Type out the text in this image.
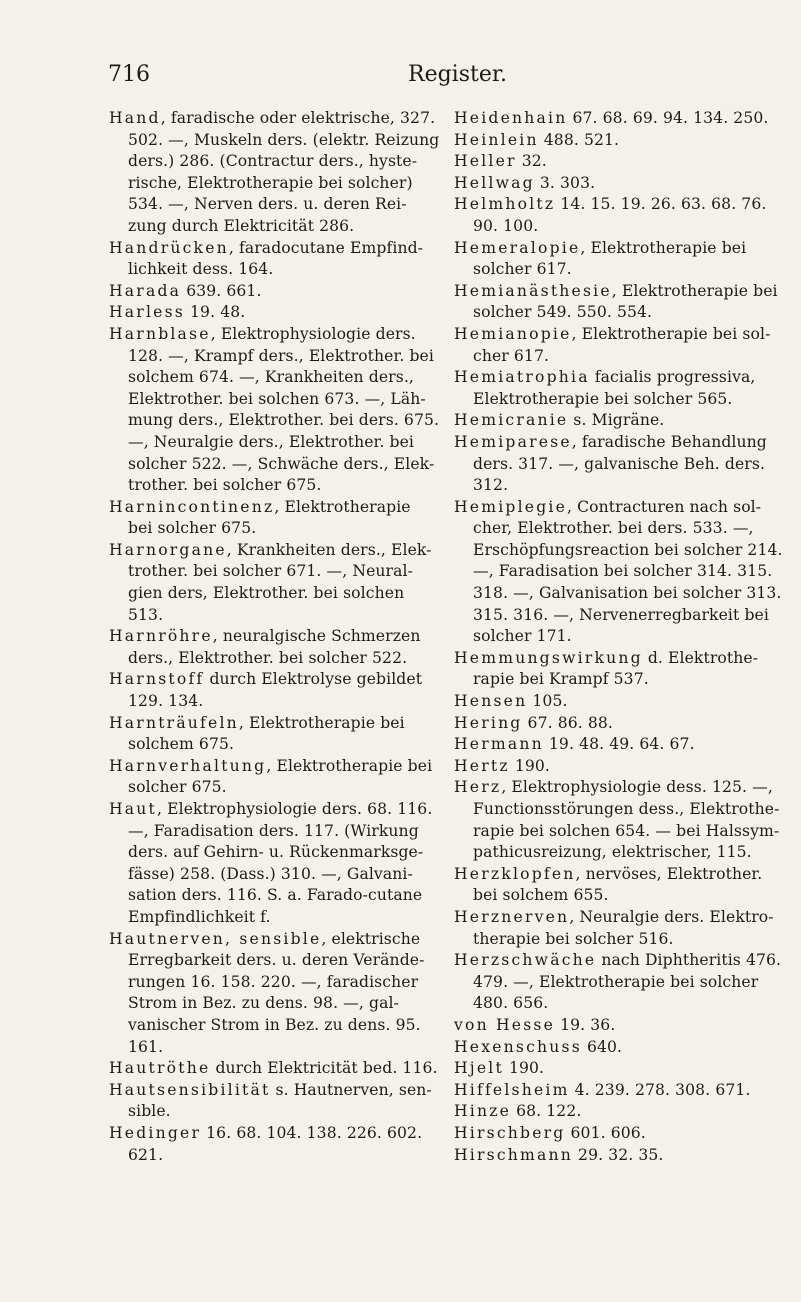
716	Register.

Hand, faradische oder elektrische, 327.
502. —, Muskeln ders. (elektr. Reizung
ders.) 286. (Contractur ders., hyste-
rische, Elektrotherapie bei solcher)
534. —, Nerven ders. u. deren Rei-
zung durch Elektricität 286.

Handrücken, faradocutane Empfind-
lichkeit dess. 164.

Harada 639. 661.

Harless 19. 48.

Harnblase, Elektrophysiologie ders.
128. —, Krampf ders., Elektrother. bei
solchem 674. —, Krankheiten ders.,
Elektrother. bei solchen 673. —, Läh-
mung ders., Elektrother. bei ders. 675.
—, Neuralgie ders., Elektrother. bei
solcher 522. —, Schwäche ders., Elek-
trother. bei solcher 675.

Harnincontinenz, Elektrotherapie
bei solcher 675.

Harnorgane, Krankheiten ders., Elek-
trother. bei solcher 671. —, Neural-
gien ders, Elektrother. bei solchen
513.

Harnröhre, neuralgische Schmerzen
ders., Elektrother. bei solcher 522.

Harnstoff durch Elektrolyse gebildet
129. 134.

Harnträufeln, Elektrotherapie bei
solchem 675.

Harnverhaltung, Elektrotherapie bei
solcher 675.

Haut, Elektrophysiologie ders. 68. 116.
—, Faradisation ders. 117. (Wirkung
ders. auf Gehirn- u. Rückenmarksge-
fässe) 258. (Dass.) 310. —, Galvani-
sation ders. 116. S. a. Farado-cutane
Empfindlichkeit f.

Hautnerven, sensible, elektrische
Erregbarkeit ders. u. deren Verände-
rungen 16. 158. 220. —, faradischer
Strom in Bez. zu dens. 98. —, gal-
vanischer Strom in Bez. zu dens. 95.
161.

Hautröthe durch Elektricität bed. 116.

Hautsensibilität s. Hautnerven, sen-
sible.

Hedinger 16. 68. 104. 138. 226. 602.
621.

Heidenhain 67. 68. 69. 94. 134. 250.

Heinlein 488. 521.

Heller 32.

Hellwag 3. 303.

Helmholtz 14. 15. 19. 26. 63. 68. 76.
90. 100.

Hemeralopie, Elektrotherapie bei
solcher 617.

Hemianästhesie, Elektrotherapie bei
solcher 549. 550. 554.

Hemianopie, Elektrotherapie bei sol-
cher 617.

Hemiatrophia facialis progressiva,
Elektrotherapie bei solcher 565.

Hemicranie s. Migräne.

Hemiparese, faradische Behandlung
ders. 317. —, galvanische Beh. ders.
312.

Hemiplegie, Contracturen nach sol-
cher, Elektrother. bei ders. 533. —,
Erschöpfungsreaction bei solcher 214.
—, Faradisation bei solcher 314. 315.
318. —, Galvanisation bei solcher 313.
315. 316. —, Nervenerregbarkeit bei
solcher 171.

Hemmungswirkung d. Elektrothe-
rapie bei Krampf 537.

Hensen 105.

Hering 67. 86. 88.

Hermann 19. 48. 49. 64. 67.

Hertz 190.

Herz, Elektrophysiologie dess. 125. —,
Functionsstörungen dess., Elektrothe-
rapie bei solchen 654. — bei Halssym-
pathicusreizung, elektrischer, 115.

Herzklopfen, nervöses, Elektrother.
bei solchem 655.

Herznerven, Neuralgie ders. Elektro-
therapie bei solcher 516.

Herzschwäche nach Diphtheritis 476.
479. —, Elektrotherapie bei solcher
480. 656.

von Hesse 19. 36.

Hexenschuss 640.

Hjelt 190.

Hiffelsheim 4. 239. 278. 308. 671.

Hinze 68. 122.

Hirschberg 601. 606.

Hirschmann 29. 32. 35.
